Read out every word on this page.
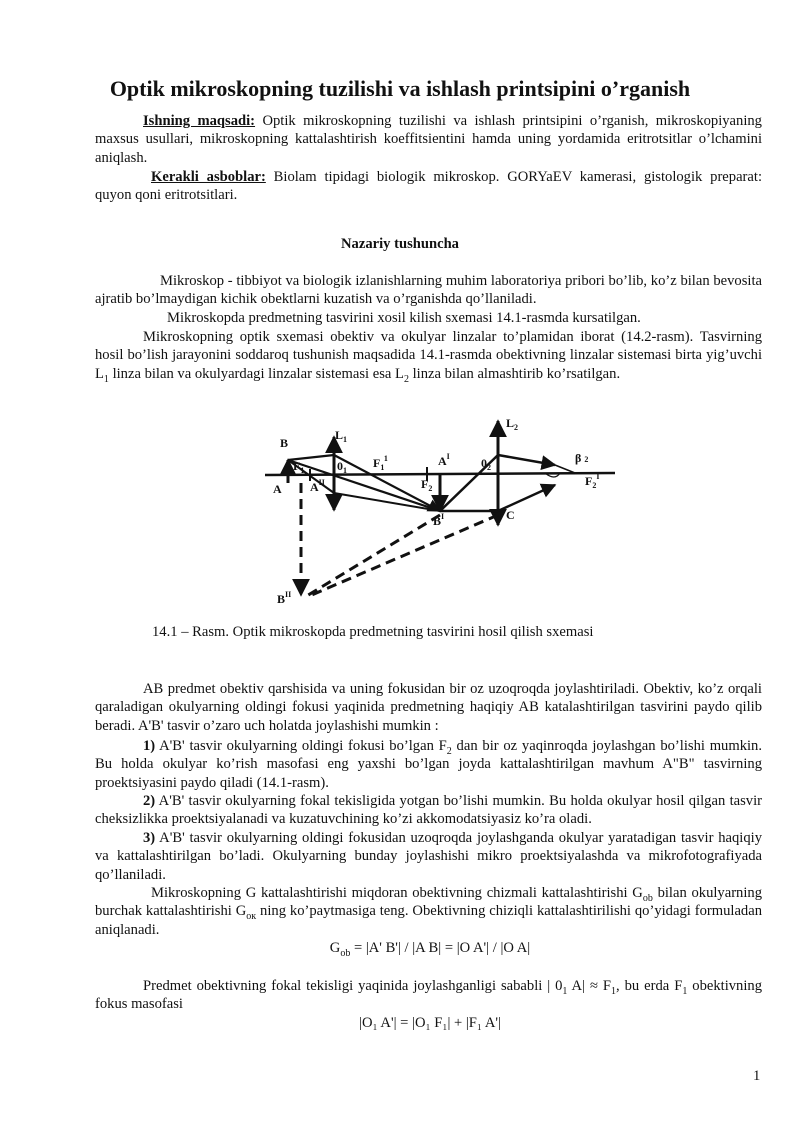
Optik mikroskopning tuzilishi va ishlash printsipini o’rganish

Ishning maqsadi: Optik mikroskopning tuzilishi va ishlash printsipini o’rganish, mikroskopiyaning maxsus usullari, mikroskopning kattalashtirish koeffitsientini hamda uning yordamida eritrotsitlar o’lchamini aniqlash.

Kerakli asboblar: Biolam tipidagi biologik mikroskop. GORYaEV kamerasi, gistologik preparat: quyon qoni eritrotsitlari.

Nazariy tushuncha

Mikroskop - tibbiyot va biologik izlanishlarning muhim laboratoriya pribori bo’lib, ko’z bilan bevosita ajratib bo’lmaydigan kichik obektlarni kuzatish va o’rganishda qo’llaniladi.

Mikroskopda predmetning tasvirini xosil kilish sxemasi 14.1-rasmda kursatilgan.

Mikroskopning optik sxemasi obektiv va okulyar linzalar to’plamidan iborat (14.2-rasm). Tasvirning hosil bo’lish jarayonini soddaroq tushunish maqsadida 14.1-rasmda obektivning linzalar sistemasi birta yig’uvchi $L_1$ linza bilan va okulyardagi linzalar sistemasi esa $L_2$ linza bilan almashtirib ko’rsatilgan.

B
$L_1$
$L_2$
$F_1$	$0_1$
$F_1^1$	$A^I$	$0_2$
β 2
A $A^{II}$	$F_2$
$F_2^I$
$B^I$	C
$B^{II}$
14.1 – Rasm. Optik mikroskopda predmetning tasvirini hosil qilish sxemasi

AB predmet obektiv qarshisida va uning fokusidan bir oz uzoqroqda joylashtiriladi. Obektiv, ko’z orqali qaraladigan okulyarning oldingi fokusi yaqinida predmetning haqiqiy AB katalashtirilgan tasvirini paydo qilib beradi. A'B' tasvir o’zaro uch holatda joylashishi mumkin :

1) A'B' tasvir okulyarning oldingi fokusi bo’lgan $F_2$ dan bir oz yaqinroqda joylashgan bo’lishi mumkin. Bu holda okulyar ko’rish masofasi eng yaxshi bo’lgan joyda kattalashtirilgan mavhum A"B" tasvirning proektsiyasini paydo qiladi (14.1-rasm).

2) A'B' tasvir okulyarning fokal tekisligida yotgan bo’lishi mumkin. Bu holda okulyar hosil qilgan tasvir cheksizlikka proektsiyalanadi va kuzatuvchining ko’zi akkomodatsiyasiz ko’ra oladi.

3) A'B' tasvir okulyarning oldingi fokusidan uzoqroqda joylashganda okulyar yaratadigan tasvir haqiqiy va kattalashtirilgan bo’ladi. Okulyarning bunday joylashishi mikro proektsiyalashda va mikrofotografiyada qo’llaniladi.

Mikroskopning G kattalashtirishi miqdoran obektivning chizmali kattalashtirishi $G_{ob}$ bilan okulyarning burchak kattalashtirishi $G_{ок}$ ning ko’paytmasiga teng. Obektivning chiziqli kattalashtirilishi qo’yidagi formuladan aniqlanadi.

$G_{ob} = |A'$ B'| / |A B| = |O A'| / |O A|

Predmet obektivning fokal tekisligi yaqinida joylashganligi sababli | $0_1$ $A| \approx F_1$, bu erda $F_1$ obektivning fokus masofasi

|O₁ A'| = |O₁ F₁| + |F₁ A'|
1
